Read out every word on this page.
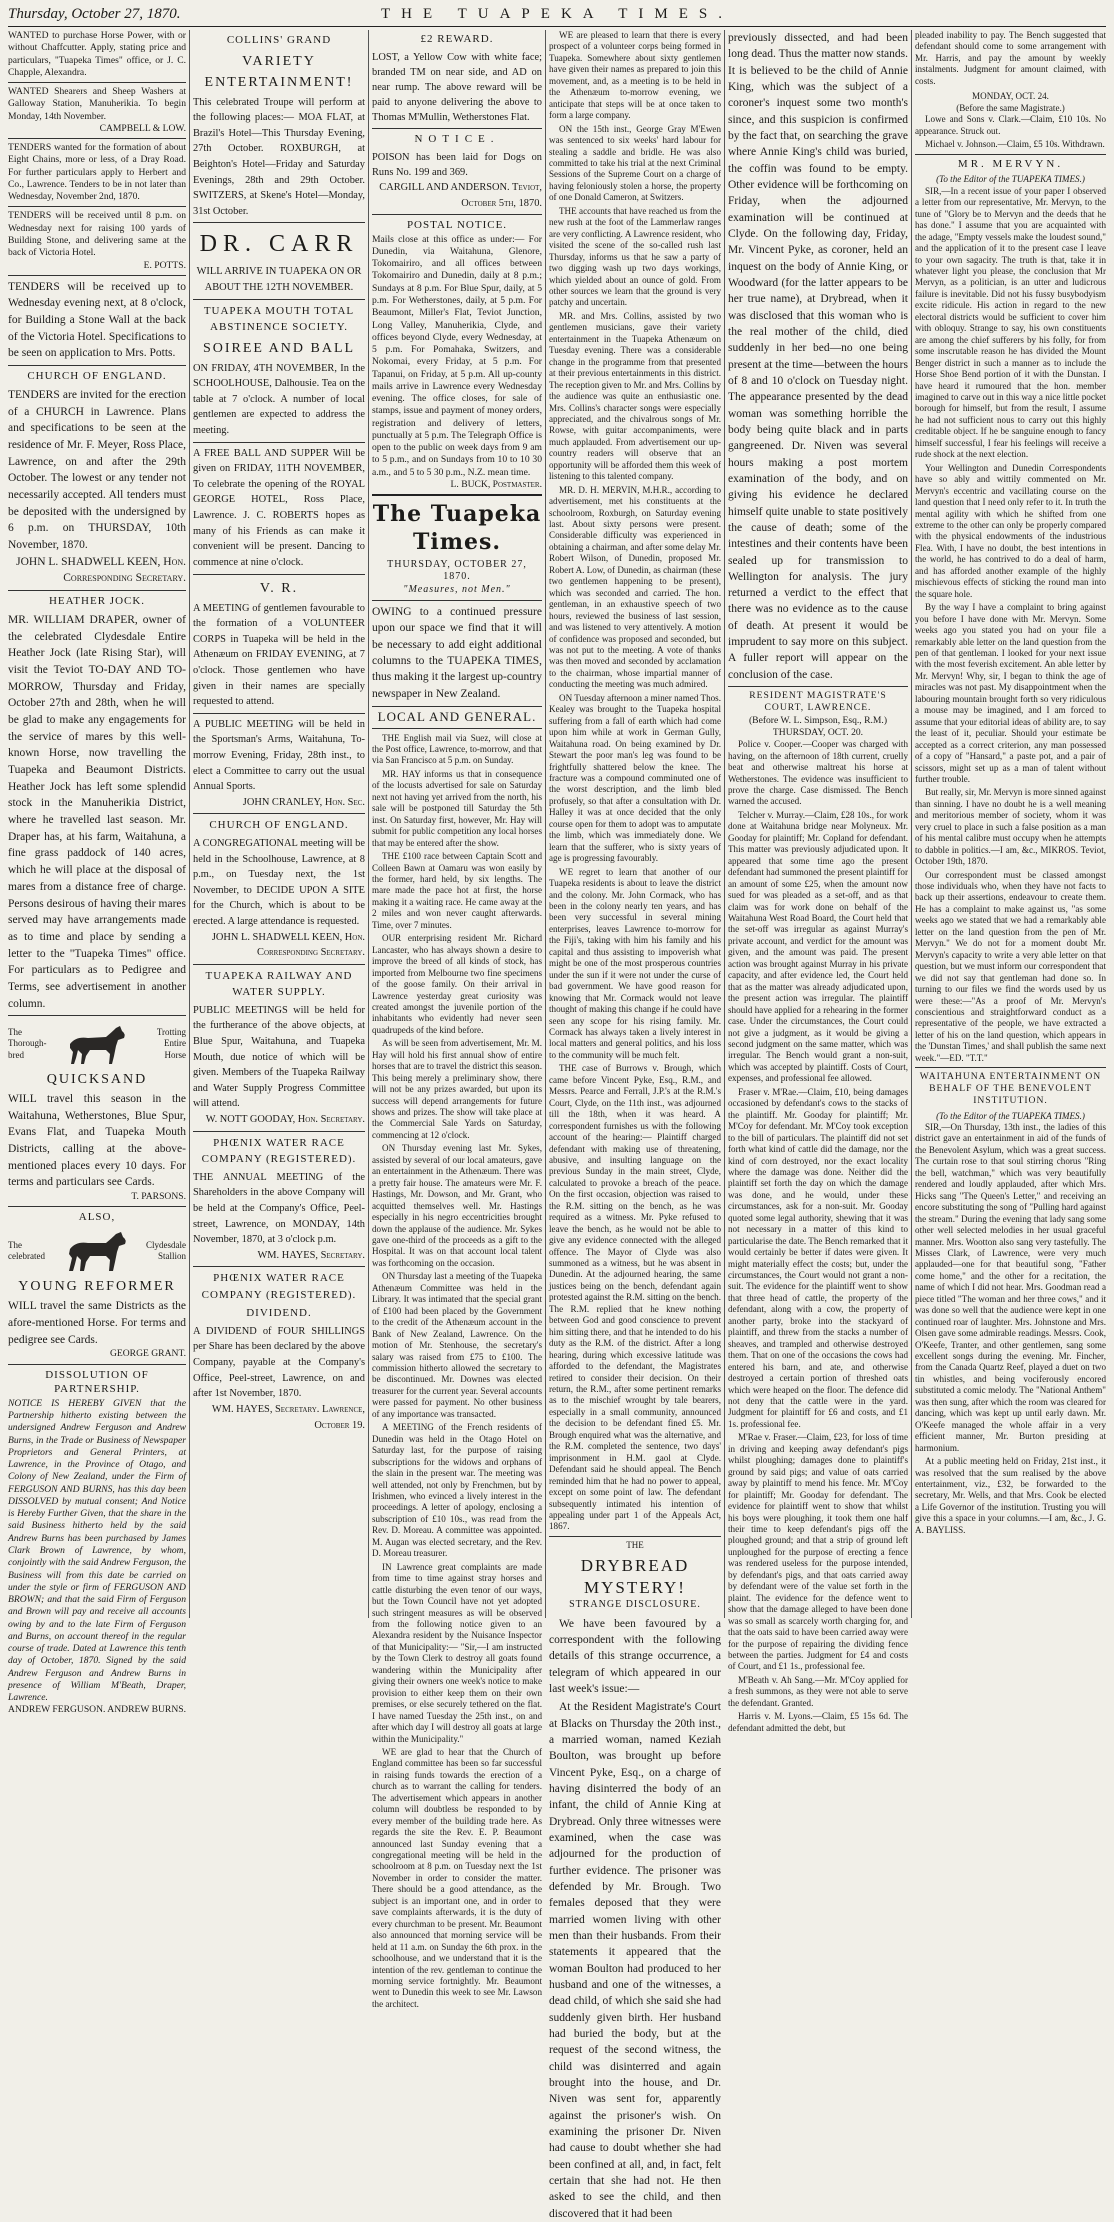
Thursday, October 27, 1870.	THE TUAPEKA TIMES.
WANTED to purchase Horse Power, with or without Chaffcutter. Apply, stating price and particulars, "Tuapeka Times" office, or J. C. Chapple, Alexandra.
WANTED Shearers and Sheep Washers at Galloway Station, Manuherikia. To begin Monday, 14th November.
CAMPBELL & LOW.
TENDERS wanted for the formation of about Eight Chains, more or less, of a Dray Road. For further particulars apply to Herbert and Co., Lawrence. Tenders to be in not later than Wednesday, November 2nd, 1870.
TENDERS will be received until 8 p.m. on Wednesday next for raising 100 yards of Building Stone, and delivering same at the back of Victoria Hotel.
E. POTTS.
TENDERS will be received up to Wednesday evening next, at 8 o'clock, for Building a Stone Wall at the back of the Victoria Hotel. Specifications to be seen on application to Mrs. Potts.
CHURCH OF ENGLAND.
TENDERS are invited for the erection of a CHURCH in Lawrence. Plans and specifications to be seen at the residence of Mr. F. Meyer, Ross Place, Lawrence, on and after the 29th October. The lowest or any tender not necessarily accepted. All tenders must be deposited with the undersigned by 6 p.m. on THURSDAY, 10th November, 1870.
JOHN L. SHADWELL KEEN, Hon. Corresponding Secretary.
HEATHER JOCK.
MR. WILLIAM DRAPER, owner of the celebrated Clydesdale Entire Heather Jock (late Rising Star), will visit the Teviot TO-DAY AND TO-MORROW, Thursday and Friday, October 27th and 28th, when he will be glad to make any engagements for the service of mares by this well-known Horse, now travelling the Tuapeka and Beaumont Districts. Heather Jock has left some splendid stock in the Manuherikia District, where he travelled last season. Mr. Draper has, at his farm, Waitahuna, a fine grass paddock of 140 acres, which he will place at the disposal of mares from a distance free of charge. Persons desirous of having their mares served may have arrangements made as to time and place by sending a letter to the "Tuapeka Times" office. For particulars as to Pedigree and Terms, see advertisement in another column.
The Thorough-bred
Trotting Entire Horse
QUICKSAND
WILL travel this season in the Waitahuna, Wetherstones, Blue Spur, Evans Flat, and Tuapeka Mouth Districts, calling at the above-mentioned places every 10 days. For terms and particulars see Cards.
T. PARSONS.
ALSO,
The celebrated
Clydesdale Stallion
YOUNG REFORMER
WILL travel the same Districts as the afore-mentioned Horse. For terms and pedigree see Cards.
GEORGE GRANT.
DISSOLUTION OF PARTNERSHIP.
NOTICE IS HEREBY GIVEN that the Partnership hitherto existing between the undersigned Andrew Ferguson and Andrew Burns, in the Trade or Business of Newspaper Proprietors and General Printers, at Lawrence, in the Province of Otago, and Colony of New Zealand, under the Firm of FERGUSON AND BURNS, has this day been DISSOLVED by mutual consent; And Notice is Hereby Further Given, that the share in the said Business hitherto held by the said Andrew Burns has been purchased by James Clark Brown of Lawrence, by whom, conjointly with the said Andrew Ferguson, the Business will from this date be carried on under the style or firm of FERGUSON AND BROWN; and that the said Firm of Ferguson and Brown will pay and receive all accounts owing by and to the late Firm of Ferguson and Burns, on account thereof in the regular course of trade. Dated at Lawrence this tenth day of October, 1870. Signed by the said Andrew Ferguson and Andrew Burns in presence of William M'Beath, Draper, Lawrence.
ANDREW FERGUSON. ANDREW BURNS.
COLLINS' GRAND
VARIETY ENTERTAINMENT!
This celebrated Troupe will perform at the following places:— MOA FLAT, at Brazil's Hotel—This Thursday Evening, 27th October. ROXBURGH, at Beighton's Hotel—Friday and Saturday Evenings, 28th and 29th October. SWITZERS, at Skene's Hotel—Monday, 31st October.
DR. CARR
WILL ARRIVE IN TUAPEKA ON OR ABOUT THE 12TH NOVEMBER.
TUAPEKA MOUTH TOTAL ABSTINENCE SOCIETY.
SOIREE AND BALL
ON FRIDAY, 4TH NOVEMBER, In the SCHOOLHOUSE, Dalhousie. Tea on the table at 7 o'clock. A number of local gentlemen are expected to address the meeting.
A FREE BALL AND SUPPER Will be given on FRIDAY, 11TH NOVEMBER, To celebrate the opening of the ROYAL GEORGE HOTEL, Ross Place, Lawrence. J. C. ROBERTS hopes as many of his Friends as can make it convenient will be present. Dancing to commence at nine o'clock.
V. R.
A MEETING of gentlemen favourable to the formation of a VOLUNTEER CORPS in Tuapeka will be held in the Athenæum on FRIDAY EVENING, at 7 o'clock. Those gentlemen who have given in their names are specially requested to attend.
A PUBLIC MEETING will be held in the Sportsman's Arms, Waitahuna, To-morrow Evening, Friday, 28th inst., to elect a Committee to carry out the usual Annual Sports.
JOHN CRANLEY, Hon. Sec.
CHURCH OF ENGLAND.
A CONGREGATIONAL meeting will be held in the Schoolhouse, Lawrence, at 8 p.m., on Tuesday next, the 1st November, to DECIDE UPON A SITE for the Church, which is about to be erected. A large attendance is requested.
JOHN L. SHADWELL KEEN, Hon. Corresponding Secretary.
TUAPEKA RAILWAY AND WATER SUPPLY.
PUBLIC MEETINGS will be held for the furtherance of the above objects, at Blue Spur, Waitahuna, and Tuapeka Mouth, due notice of which will be given. Members of the Tuapeka Railway and Water Supply Progress Committee will attend.
W. NOTT GOODAY, Hon. Secretary.
PHŒNIX WATER RACE COMPANY (REGISTERED).
THE ANNUAL MEETING of the Shareholders in the above Company will be held at the Company's Office, Peel-street, Lawrence, on MONDAY, 14th November, 1870, at 3 o'clock p.m.
WM. HAYES, Secretary.
PHŒNIX WATER RACE COMPANY (REGISTERED).
DIVIDEND.
A DIVIDEND of FOUR SHILLINGS per Share has been declared by the above Company, payable at the Company's Office, Peel-street, Lawrence, on and after 1st November, 1870.
WM. HAYES, Secretary. Lawrence, October 19.
£2 REWARD.
LOST, a Yellow Cow with white face; branded TM on near side, and AD on near rump. The above reward will be paid to anyone delivering the above to Thomas M'Mullin, Wetherstones Flat.
NOTICE.
POISON has been laid for Dogs on Runs No. 199 and 369.
CARGILL AND ANDERSON. Teviot, October 5th, 1870.
POSTAL NOTICE.
Mails close at this office as under:— For Dunedin, via Waitahuna, Glenore, Tokomairiro, and all offices between Tokomairiro and Dunedin, daily at 8 p.m.; Sundays at 8 p.m. For Blue Spur, daily, at 5 p.m. For Wetherstones, daily, at 5 p.m. For Beaumont, Miller's Flat, Teviot Junction, Long Valley, Manuherikia, Clyde, and offices beyond Clyde, every Wednesday, at 5 p.m. For Pomahaka, Switzers, and Nokomai, every Friday, at 5 p.m. For Tapanui, on Friday, at 5 p.m. All up-county mails arrive in Lawrence every Wednesday evening. The office closes, for sale of stamps, issue and payment of money orders, registration and delivery of letters, punctually at 5 p.m. The Telegraph Office is open to the public on week days from 9 am to 5 p.m., and on Sundays from 10 to 10 30 a.m., and 5 to 5 30 p.m., N.Z. mean time.
L. BUCK, Postmaster.
The Tuapeka Times.
THURSDAY, OCTOBER 27, 1870.
"Measures, not Men."
OWING to a continued pressure upon our space we find that it will be necessary to add eight additional columns to the TUAPEKA TIMES, thus making it the largest up-country newspaper in New Zealand.
LOCAL AND GENERAL.
THE English mail via Suez, will close at the Post office, Lawrence, to-morrow, and that via San Francisco at 5 p.m. on Sunday.
MR. HAY informs us that in consequence of the locusts advertised for sale on Saturday next not having yet arrived from the north, his sale will be postponed till Saturday the 5th inst. On Saturday first, however, Mr. Hay will submit for public competition any local horses that may be entered after the show.
THE £100 race between Captain Scott and Colleen Bawn at Oamaru was won easily by the former, hard held, by six lengths. The mare made the pace hot at first, the horse making it a waiting race. He came away at the 2 miles and won never caught afterwards. Time, over 7 minutes.
OUR enterprising resident Mr. Richard Lancaster, who has always shown a desire to improve the breed of all kinds of stock, has imported from Melbourne two fine specimens of the goose family. On their arrival in Lawrence yesterday great curiosity was created amongst the juvenile portion of the inhabitants who evidently had never seen quadrupeds of the kind before.
As will be seen from advertisement, Mr. M. Hay will hold his first annual show of entire horses that are to travel the district this season. This being merely a preliminary show, there will not be any prizes awarded, but upon its success will depend arrangements for future shows and prizes. The show will take place at the Commercial Sale Yards on Saturday, commencing at 12 o'clock.
ON Thursday evening last Mr. Sykes, assisted by several of our local amateurs, gave an entertainment in the Athenæum. There was a pretty fair house. The amateurs were Mr. F. Hastings, Mr. Dowson, and Mr. Grant, who acquitted themselves well. Mr. Hastings especially in his negro eccentricities brought down the applause of the audience. Mr. Sykes gave one-third of the proceeds as a gift to the Hospital. It was on that account local talent was forthcoming on the occasion.
ON Thursday last a meeting of the Tuapeka Athenæum Committee was held in the Library. It was intimated that the special grant of £100 had been placed by the Government to the credit of the Athenæum account in the Bank of New Zealand, Lawrence. On the motion of Mr. Stenhouse, the secretary's salary was raised from £75 to £100. The commission hitherto allowed the secretary to be discontinued. Mr. Downes was elected treasurer for the current year. Several accounts were passed for payment. No other business of any importance was transacted.
A MEETING of the French residents of Dunedin was held in the Otago Hotel on Saturday last, for the purpose of raising subscriptions for the widows and orphans of the slain in the present war. The meeting was well attended, not only by Frenchmen, but by Irishmen, who evinced a lively interest in the proceedings. A letter of apology, enclosing a subscription of £10 10s., was read from the Rev. D. Moreau. A committee was appointed. M. Augan was elected secretary, and the Rev. D. Moreau treasurer.
IN Lawrence great complaints are made from time to time against stray horses and cattle disturbing the even tenor of our ways, but the Town Council have not yet adopted such stringent measures as will be observed from the following notice given to an Alexandra resident by the Nuisance Inspector of that Municipality:— "Sir,—I am instructed by the Town Clerk to destroy all goats found wandering within the Municipality after giving their owners one week's notice to make provision to either keep them on their own premises, or else securely tethered on the flat. I have named Tuesday the 25th inst., on and after which day I will destroy all goats at large within the Municipality."
WE are glad to hear that the Church of England committee has been so far successful in raising funds towards the erection of a church as to warrant the calling for tenders. The advertisement which appears in another column will doubtless be responded to by every member of the building trade here. As regards the site the Rev. E. P. Beaumont announced last Sunday evening that a congregational meeting will be held in the schoolroom at 8 p.m. on Tuesday next the 1st November in order to consider the matter. There should be a good attendance, as the subject is an important one, and in order to save complaints afterwards, it is the duty of every churchman to be present. Mr. Beaumont also announced that morning service will be held at 11 a.m. on Sunday the 6th prox. in the schoolhouse, and we understand that it is the intention of the rev. gentleman to continue the morning service fortnightly. Mr. Beaumont went to Dunedin this week to see Mr. Lawson the architect.
WE are pleased to learn that there is every prospect of a volunteer corps being formed in Tuapeka. Somewhere about sixty gentlemen have given their names as prepared to join this movement, and, as a meeting is to be held in the Athenæum to-morrow evening, we anticipate that steps will be at once taken to form a large company.
ON the 15th inst., George Gray M'Ewen was sentenced to six weeks' hard labour for stealing a saddle and bridle. He was also committed to take his trial at the next Criminal Sessions of the Supreme Court on a charge of having feloniously stolen a horse, the property of one Donald Cameron, at Switzers.
THE accounts that have reached us from the new rush at the foot of the Lammerlaw ranges are very conflicting. A Lawrence resident, who visited the scene of the so-called rush last Thursday, informs us that he saw a party of two digging wash up two days workings, which yielded about an ounce of gold. From other sources we learn that the ground is very patchy and uncertain.
MR. and Mrs. Collins, assisted by two gentlemen musicians, gave their variety entertainment in the Tuapeka Athenæum on Tuesday evening. There was a considerable change in the programme from that presented at their previous entertainments in this district. The reception given to Mr. and Mrs. Collins by the audience was quite an enthusiastic one. Mrs. Collins's character songs were especially appreciated, and the chivalrous songs of Mr. Rowse, with guitar accompaniments, were much applauded. From advertisement our up-country readers will observe that an opportunity will be afforded them this week of listening to this talented company.
MR. D. H. MERVIN, M.H.R., according to advertisement, met his constituents at the schoolroom, Roxburgh, on Saturday evening last. About sixty persons were present. Considerable difficulty was experienced in obtaining a chairman, and after some delay Mr. Robert Wilson, of Dunedin, proposed Mr. Robert A. Low, of Dunedin, as chairman (these two gentlemen happening to be present), which was seconded and carried. The hon. gentleman, in an exhaustive speech of two hours, reviewed the business of last session, and was listened to very attentively. A motion of confidence was proposed and seconded, but was not put to the meeting. A vote of thanks was then moved and seconded by acclamation to the chairman, whose impartial manner of conducting the meeting was much admired.
ON Tuesday afternoon a miner named Thos. Kealey was brought to the Tuapeka hospital suffering from a fall of earth which had come upon him while at work in German Gully, Waitahuna road. On being examined by Dr. Stewart the poor man's leg was found to be frightfully shattered below the knee. The fracture was a compound comminuted one of the worst description, and the limb bled profusely, so that after a consultation with Dr. Halley it was at once decided that the only course open for them to adopt was to amputate the limb, which was immediately done. We learn that the sufferer, who is sixty years of age is progressing favourably.
WE regret to learn that another of our Tuapeka residents is about to leave the district and the colony. Mr. John Cormack, who has been in the colony nearly ten years, and has been very successful in several mining enterprises, leaves Lawrence to-morrow for the Fiji's, taking with him his family and his capital and thus assisting to impoverish what might be one of the most prosperous countries under the sun if it were not under the curse of bad government. We have good reason for knowing that Mr. Cormack would not leave thought of making this change if he could have seen any scope for his rising family. Mr. Cormack has always taken a lively interest in local matters and general politics, and his loss to the community will be much felt.
THE case of Burrows v. Brough, which came before Vincent Pyke, Esq., R.M., and Messrs. Pearce and Ferrall, J.P.'s at the R.M.'s Court, Clyde, on the 11th inst., was adjourned till the 18th, when it was heard. A correspondent furnishes us with the following account of the hearing:— Plaintiff charged defendant with making use of threatening, abusive, and insulting language on the previous Sunday in the main street, Clyde, calculated to provoke a breach of the peace. On the first occasion, objection was raised to the R.M. sitting on the bench, as he was required as a witness. Mr. Pyke refused to leave the bench, as he would not be able to give any evidence connected with the alleged offence. The Mayor of Clyde was also summoned as a witness, but he was absent in Dunedin. At the adjourned hearing, the same justices being on the bench, defendant again protested against the R.M. sitting on the bench. The R.M. replied that he knew nothing between God and good conscience to prevent him sitting there, and that he intended to do his duty as the R.M. of the district. After a long hearing, during which excessive latitude was afforded to the defendant, the Magistrates retired to consider their decision. On their return, the R.M., after some pertinent remarks as to the mischief wrought by tale bearers, especially in a small community, announced the decision to be defendant fined £5. Mr. Brough enquired what was the alternative, and the R.M. completed the sentence, two days' imprisonment in H.M. gaol at Clyde. Defendant said he should appeal. The Bench reminded him that he had no power to appeal, except on some point of law. The defendant subsequently intimated his intention of appealing under part 1 of the Appeals Act, 1867.
THE
DRYBREAD MYSTERY!
STRANGE DISCLOSURE.
We have been favoured by a correspondent with the following details of this strange occurrence, a telegram of which appeared in our last week's issue:—
At the Resident Magistrate's Court at Blacks on Thursday the 20th inst., a married woman, named Keziah Boulton, was brought up before Vincent Pyke, Esq., on a charge of having disinterred the body of an infant, the child of Annie King at Drybread. Only three witnesses were examined, when the case was adjourned for the production of further evidence. The prisoner was defended by Mr. Brough. Two females deposed that they were married women living with other men than their husbands. From their statements it appeared that the woman Boulton had produced to her husband and one of the witnesses, a dead child, of which she said she had suddenly given birth. Her husband had buried the body, but at the request of the second witness, the child was disinterred and again brought into the house, and Dr. Niven was sent for, apparently against the prisoner's wish. On examining the prisoner Dr. Niven had cause to doubt whether she had been confined at all, and, in fact, felt certain that she had not. He then asked to see the child, and then discovered that it had been
previously dissected, and had been long dead. Thus the matter now stands. It is believed to be the child of Annie King, which was the subject of a coroner's inquest some two month's since, and this suspicion is confirmed by the fact that, on searching the grave where Annie King's child was buried, the coffin was found to be empty. Other evidence will be forthcoming on Friday, when the adjourned examination will be continued at Clyde. On the following day, Friday, Mr. Vincent Pyke, as coroner, held an inquest on the body of Annie King, or Woodward (for the latter appears to be her true name), at Drybread, when it was disclosed that this woman who is the real mother of the child, died suddenly in her bed—no one being present at the time—between the hours of 8 and 10 o'clock on Tuesday night. The appearance presented by the dead woman was something horrible the body being quite black and in parts gangreened. Dr. Niven was several hours making a post mortem examination of the body, and on giving his evidence he declared himself quite unable to state positively the cause of death; some of the intestines and their contents have been sealed up for transmission to Wellington for analysis. The jury returned a verdict to the effect that there was no evidence as to the cause of death. At present it would be imprudent to say more on this subject. A fuller report will appear on the conclusion of the case.
RESIDENT MAGISTRATE'S COURT, LAWRENCE.
(Before W. L. Simpson, Esq., R.M.)
THURSDAY, OCT. 20.
Police v. Cooper.—Cooper was charged with having, on the afternoon of 18th current, cruelly beat and otherwise maltreat his horse at Wetherstones. The evidence was insufficient to prove the charge. Case dismissed. The Bench warned the accused.
Telcher v. Murray.—Claim, £28 10s., for work done at Waitahuna bridge near Molyneux. Mr. Gooday for plaintiff; Mr. Copland for defendant. This matter was previously adjudicated upon. It appeared that some time ago the present defendant had summoned the present plaintiff for an amount of some £25, when the amount now sued for was pleaded as a set-off, and as that claim was for work done on behalf of the Waitahuna West Road Board, the Court held that the set-off was irregular as against Murray's private account, and verdict for the amount was given, and the amount was paid. The present action was brought against Murray in his private capacity, and after evidence led, the Court held that as the matter was already adjudicated upon, the present action was irregular. The plaintiff should have applied for a rehearing in the former case. Under the circumstances, the Court could not give a judgment, as it would be giving a second judgment on the same matter, which was irregular. The Bench would grant a non-suit, which was accepted by plaintiff. Costs of Court, expenses, and professional fee allowed.
Fraser v. M'Rae.—Claim, £10, being damages occasioned by defendant's cows to the stacks of the plaintiff. Mr. Gooday for plaintiff; Mr. M'Coy for defendant. Mr. M'Coy took exception to the bill of particulars. The plaintiff did not set forth what kind of cattle did the damage, nor the kind of corn destroyed, nor the exact locality where the damage was done. Neither did the plaintiff set forth the day on which the damage was done, and he would, under these circumstances, ask for a non-suit. Mr. Gooday quoted some legal authority, shewing that it was not necessary in a matter of this kind to particularise the date. The Bench remarked that it would certainly be better if dates were given. It might materially effect the costs; but, under the circumstances, the Court would not grant a non-suit. The evidence for the plaintiff went to show that three head of cattle, the property of the defendant, along with a cow, the property of another party, broke into the stackyard of plaintiff, and threw from the stacks a number of sheaves, and trampled and otherwise destroyed them. That on one of the occasions the cows had entered his barn, and ate, and otherwise destroyed a certain portion of threshed oats which were heaped on the floor. The defence did not deny that the cattle were in the yard. Judgment for plaintiff for £6 and costs, and £1 1s. professional fee.
M'Rae v. Fraser.—Claim, £23, for loss of time in driving and keeping away defendant's pigs whilst ploughing; damages done to plaintiff's ground by said pigs; and value of oats carried away by plaintiff to mend his fence. Mr. M'Coy for plaintiff; Mr. Gooday for defendant. The evidence for plaintiff went to show that whilst his boys were ploughing, it took them one half their time to keep defendant's pigs off the ploughed ground; and that a strip of ground left unploughed for the purpose of erecting a fence was rendered useless for the purpose intended, by defendant's pigs, and that oats carried away by defendant were of the value set forth in the plaint. The evidence for the defence went to show that the damage alleged to have been done was so small as scarcely worth charging for, and that the oats said to have been carried away were for the purpose of repairing the dividing fence between the parties. Judgment for £4 and costs of Court, and £1 1s., professional fee.
M'Beath v. Ah Sang.—Mr. M'Coy applied for a fresh summons, as they were not able to serve the defendant. Granted.
Harris v. M. Lyons.—Claim, £5 15s 6d. The defendant admitted the debt, but
pleaded inability to pay. The Bench suggested that defendant should come to some arrangement with Mr. Harris, and pay the amount by weekly instalments. Judgment for amount claimed, with costs.
MONDAY, OCT. 24.
(Before the same Magistrate.)
Lowe and Sons v. Clark.—Claim, £10 10s. No appearance. Struck out.
Michael v. Johnson.—Claim, £5 10s. Withdrawn.
MR. MERVYN.
(To the Editor of the TUAPEKA TIMES.)
SIR,—In a recent issue of your paper I observed a letter from our representative, Mr. Mervyn, to the tune of "Glory be to Mervyn and the deeds that he has done." I assume that you are acquainted with the adage, "Empty vessels make the loudest sound," and the application of it to the present case I leave to your own sagacity. The truth is that, take it in whatever light you please, the conclusion that Mr Mervyn, as a politician, is an utter and ludicrous failure is inevitable. Did not his fussy busybodyism excite ridicule. His action in regard to the new electoral districts would be sufficient to cover him with obloquy. Strange to say, his own constituents are among the chief sufferers by his folly, for from some inscrutable reason he has divided the Mount Benger district in such a manner as to include the Horse Shoe Bend portion of it with the Dunstan. I have heard it rumoured that the hon. member imagined to carve out in this way a nice little pocket borough for himself, but from the result, I assume he had not sufficient nous to carry out this highly creditable object. If he be sanguine enough to fancy himself successful, I fear his feelings will receive a rude shock at the next election.
Your Wellington and Dunedin Correspondents have so ably and wittily commented on Mr. Mervyn's eccentric and vacillating course on the land question that I need only refer to it. In truth the mental agility with which he shifted from one extreme to the other can only be properly compared with the physical endowments of the industrious Flea. With, I have no doubt, the best intentions in the world, he has contrived to do a deal of harm, and has afforded another example of the highly mischievous effects of sticking the round man into the square hole.
By the way I have a complaint to bring against you before I have done with Mr. Mervyn. Some weeks ago you stated you had on your file a remarkably able letter on the land question from the pen of that gentleman. I looked for your next issue with the most feverish excitement. An able letter by Mr. Mervyn! Why, sir, I began to think the age of miracles was not past. My disappointment when the labouring mountain brought forth so very ridiculous a mouse may be imagined, and I am forced to assume that your editorial ideas of ability are, to say the least of it, peculiar. Should your estimate be accepted as a correct criterion, any man possessed of a copy of "Hansard," a paste pot, and a pair of scissors, might set up as a man of talent without further trouble.
But really, sir, Mr. Mervyn is more sinned against than sinning. I have no doubt he is a well meaning and meritorious member of society, whom it was very cruel to place in such a false position as a man of his mental calibre must occupy when he attempts to dabble in politics.—I am, &c., MIKROS. Teviot, October 19th, 1870.
Our correspondent must be classed amongst those individuals who, when they have not facts to back up their assertions, endeavour to create them. He has a complaint to make against us, "as some weeks ago we stated that we had a remarkably able letter on the land question from the pen of Mr. Mervyn." We do not for a moment doubt Mr. Mervyn's capacity to write a very able letter on that question, but we must inform our correspondent that we did not say that gentleman had done so. In turning to our files we find the words used by us were these:—"As a proof of Mr. Mervyn's conscientious and straightforward conduct as a representative of the people, we have extracted a letter of his on the land question, which appears in the 'Dunstan Times,' and shall publish the same next week."—ED. "T.T."
WAITAHUNA ENTERTAINMENT ON BEHALF OF THE BENEVOLENT INSTITUTION.
(To the Editor of the TUAPEKA TIMES.)
SIR,—On Thursday, 13th inst., the ladies of this district gave an entertainment in aid of the funds of the Benevolent Asylum, which was a great success. The curtain rose to that soul stirring chorus "Ring the bell, watchman," which was very beautifully rendered and loudly applauded, after which Mrs. Hicks sang "The Queen's Letter," and receiving an encore substituting the song of "Pulling hard against the stream." During the evening that lady sang some other well selected melodies in her usual graceful manner. Mrs. Wootton also sang very tastefully. The Misses Clark, of Lawrence, were very much applauded—one for that beautiful song, "Father come home," and the other for a recitation, the name of which I did not hear. Mrs. Goodman read a piece titled "The woman and her three cows," and it was done so well that the audience were kept in one continued roar of laughter. Mrs. Johnstone and Mrs. Olsen gave some admirable readings. Messrs. Cook, O'Keefe, Tranter, and other gentlemen, sang some excellent songs during the evening. Mr. Fincher, from the Canada Quartz Reef, played a duet on two tin whistles, and being vociferously encored substituted a comic melody. The "National Anthem" was then sung, after which the room was cleared for dancing, which was kept up until early dawn. Mr. O'Keefe managed the whole affair in a very efficient manner, Mr. Burton presiding at harmonium.
At a public meeting held on Friday, 21st inst., it was resolved that the sum realised by the above entertainment, viz., £32, be forwarded to the secretary, Mr. Wells, and that Mrs. Cook be elected a Life Governor of the institution. Trusting you will give this a space in your columns.—I am, &c., J. G. A. BAYLISS.
